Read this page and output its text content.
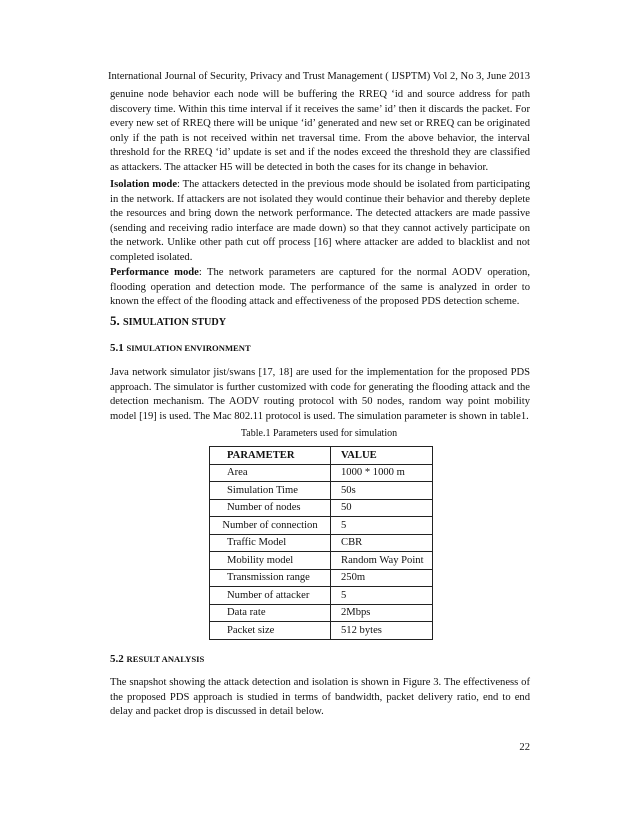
International Journal of Security, Privacy and Trust Management ( IJSPTM) Vol 2, No 3, June 2013

genuine node behavior each node will be buffering the RREQ ‘id and source address for path discovery time. Within this time interval if it receives the same’ id’ then it discards the packet. For every new set of RREQ there will be unique ‘id’ generated and new set or RREQ can be originated only if the path is not received within net traversal time. From the above behavior, the interval threshold for the RREQ ‘id’ update is set and if the nodes exceed the threshold they are classified as attackers. The attacker H5 will be detected in both the cases for its change in behavior.

Isolation mode: The attackers detected in the previous mode should be isolated from participating in the network. If attackers are not isolated they would continue their behavior and thereby deplete the resources and bring down the network performance. The detected attackers are made passive (sending and receiving radio interface are made down) so that they cannot actively participate on the network. Unlike other path cut off process [16] where attacker are added to blacklist and not completed isolated.

Performance mode: The network parameters are captured for the normal AODV operation, flooding operation and detection mode. The performance of the same is analyzed in order to known the effect of the flooding attack and effectiveness of the proposed PDS detection scheme.

5. SIMULATION STUDY
5.1 SIMULATION ENVIRONMENT

Java network simulator jist/swans [17, 18] are used for the implementation for the proposed PDS approach. The simulator is further customized with code for generating the flooding attack and the detection mechanism. The AODV routing protocol with 50 nodes, random way point mobility model [19] is used. The Mac 802.11 protocol is used. The simulation parameter is shown in table1.

Table.1 Parameters used for simulation
PARAMETER	VALUE
Area	1000 * 1000 m
Simulation Time	50s
Number of nodes	50
Number of connection	5
Traffic Model	CBR
Mobility model	Random Way Point
Transmission range	250m
Number of attacker	5
Data rate	2Mbps
Packet size	512 bytes
5.2 RESULT ANALYSIS

The snapshot showing the attack detection and isolation is shown in Figure 3. The effectiveness of the proposed PDS approach is studied in terms of bandwidth, packet delivery ratio, end to end delay and packet drop is discussed in detail below.

22
